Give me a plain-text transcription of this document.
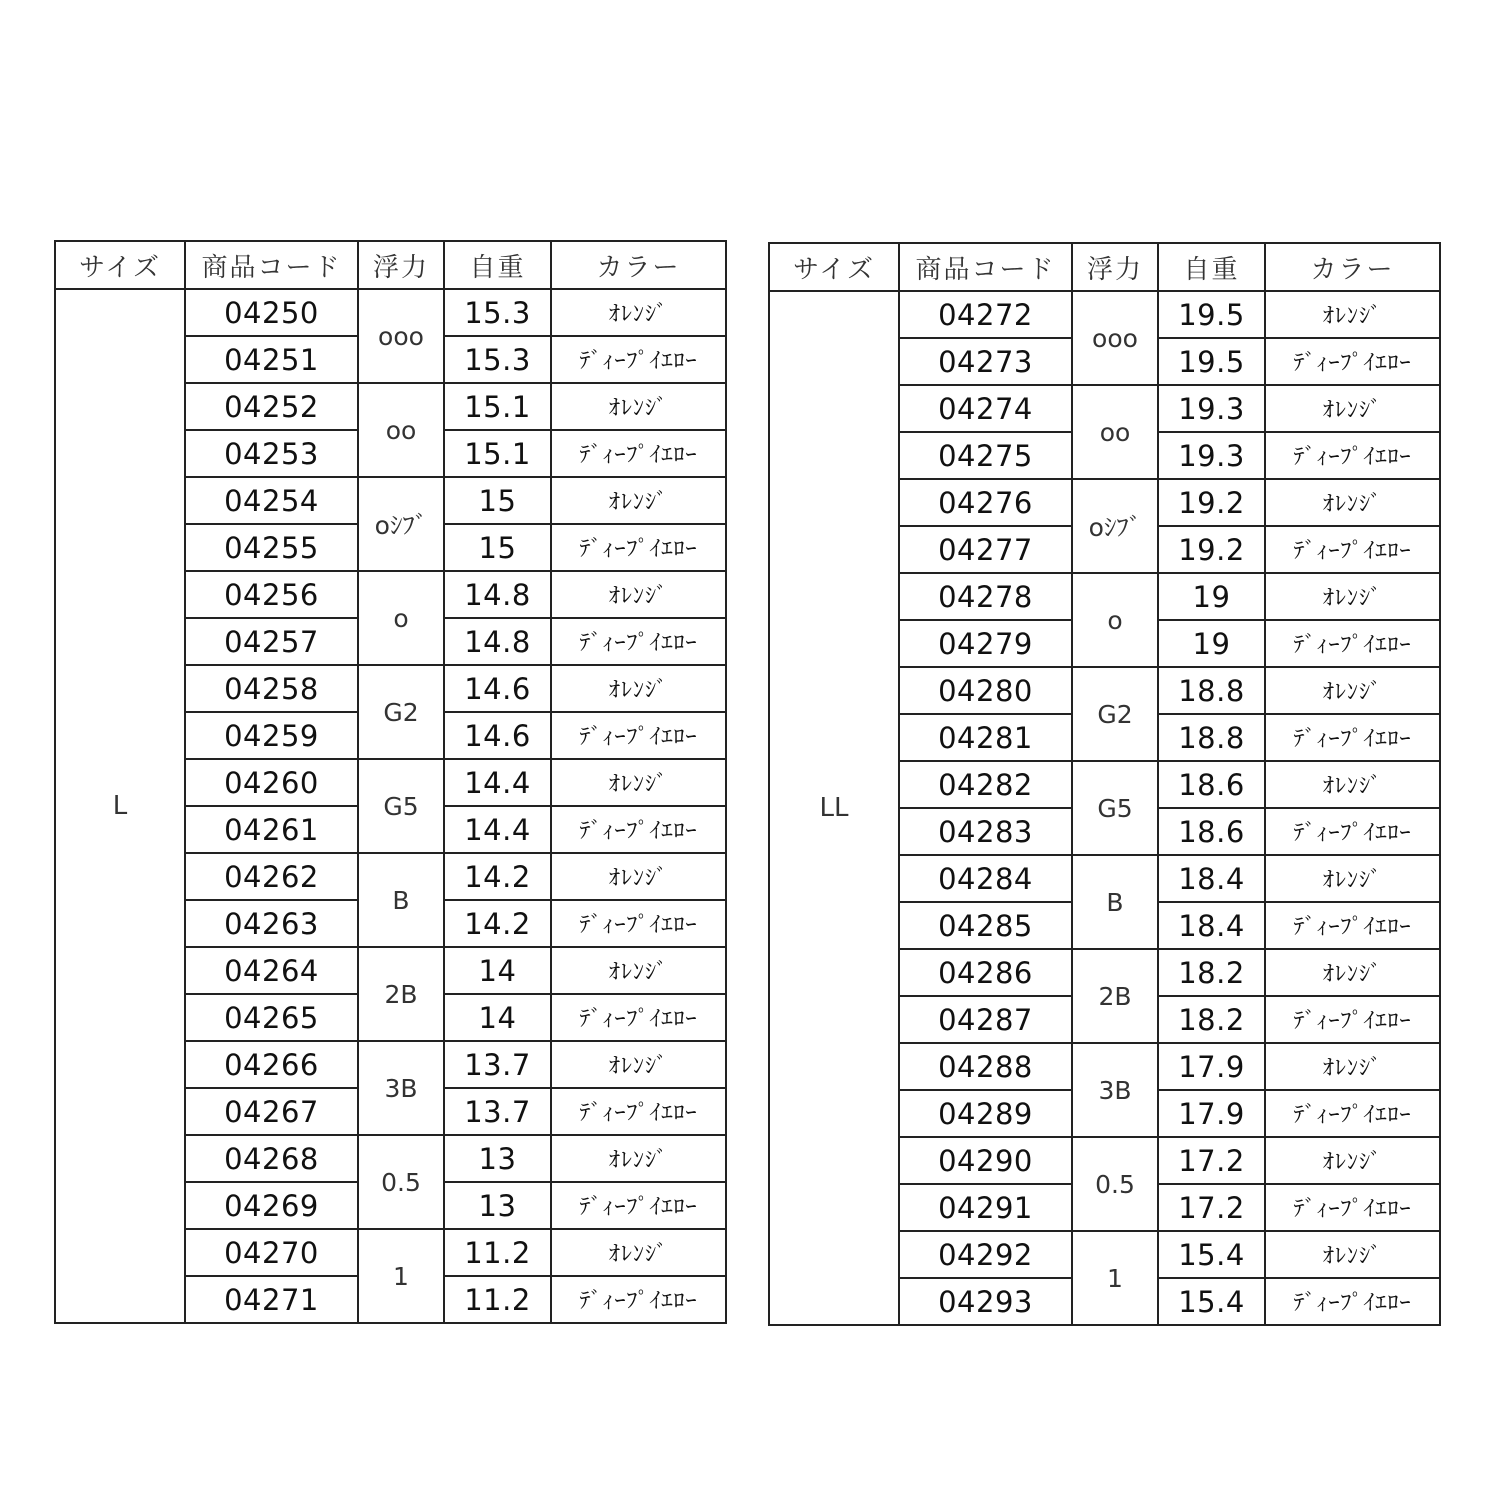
サイズ	商品コード	浮力	自重	カラー
L	04250	ooo	15.3	ｵﾚﾝｼﾞ
	04251		15.3	ﾃﾞｨｰﾌﾟｲｴﾛｰ
	04252	oo	15.1	ｵﾚﾝｼﾞ
	04253		15.1	ﾃﾞｨｰﾌﾟｲｴﾛｰ
	04254	oｼﾌﾞ	15	ｵﾚﾝｼﾞ
	04255		15	ﾃﾞｨｰﾌﾟｲｴﾛｰ
	04256	o	14.8	ｵﾚﾝｼﾞ
	04257		14.8	ﾃﾞｨｰﾌﾟｲｴﾛｰ
	04258	G2	14.6	ｵﾚﾝｼﾞ
	04259		14.6	ﾃﾞｨｰﾌﾟｲｴﾛｰ
	04260	G5	14.4	ｵﾚﾝｼﾞ
	04261		14.4	ﾃﾞｨｰﾌﾟｲｴﾛｰ
	04262	B	14.2	ｵﾚﾝｼﾞ
	04263		14.2	ﾃﾞｨｰﾌﾟｲｴﾛｰ
	04264	2B	14	ｵﾚﾝｼﾞ
	04265		14	ﾃﾞｨｰﾌﾟｲｴﾛｰ
	04266	3B	13.7	ｵﾚﾝｼﾞ
	04267		13.7	ﾃﾞｨｰﾌﾟｲｴﾛｰ
	04268	0.5	13	ｵﾚﾝｼﾞ
	04269		13	ﾃﾞｨｰﾌﾟｲｴﾛｰ
	04270	1	11.2	ｵﾚﾝｼﾞ
	04271		11.2	ﾃﾞｨｰﾌﾟｲｴﾛｰ
サイズ	商品コード	浮力	自重	カラー
LL	04272	ooo	19.5	ｵﾚﾝｼﾞ
	04273		19.5	ﾃﾞｨｰﾌﾟｲｴﾛｰ
	04274	oo	19.3	ｵﾚﾝｼﾞ
	04275		19.3	ﾃﾞｨｰﾌﾟｲｴﾛｰ
	04276	oｼﾌﾞ	19.2	ｵﾚﾝｼﾞ
	04277		19.2	ﾃﾞｨｰﾌﾟｲｴﾛｰ
	04278	o	19	ｵﾚﾝｼﾞ
	04279		19	ﾃﾞｨｰﾌﾟｲｴﾛｰ
	04280	G2	18.8	ｵﾚﾝｼﾞ
	04281		18.8	ﾃﾞｨｰﾌﾟｲｴﾛｰ
	04282	G5	18.6	ｵﾚﾝｼﾞ
	04283		18.6	ﾃﾞｨｰﾌﾟｲｴﾛｰ
	04284	B	18.4	ｵﾚﾝｼﾞ
	04285		18.4	ﾃﾞｨｰﾌﾟｲｴﾛｰ
	04286	2B	18.2	ｵﾚﾝｼﾞ
	04287		18.2	ﾃﾞｨｰﾌﾟｲｴﾛｰ
	04288	3B	17.9	ｵﾚﾝｼﾞ
	04289		17.9	ﾃﾞｨｰﾌﾟｲｴﾛｰ
	04290	0.5	17.2	ｵﾚﾝｼﾞ
	04291		17.2	ﾃﾞｨｰﾌﾟｲｴﾛｰ
	04292	1	15.4	ｵﾚﾝｼﾞ
	04293		15.4	ﾃﾞｨｰﾌﾟｲｴﾛｰ
